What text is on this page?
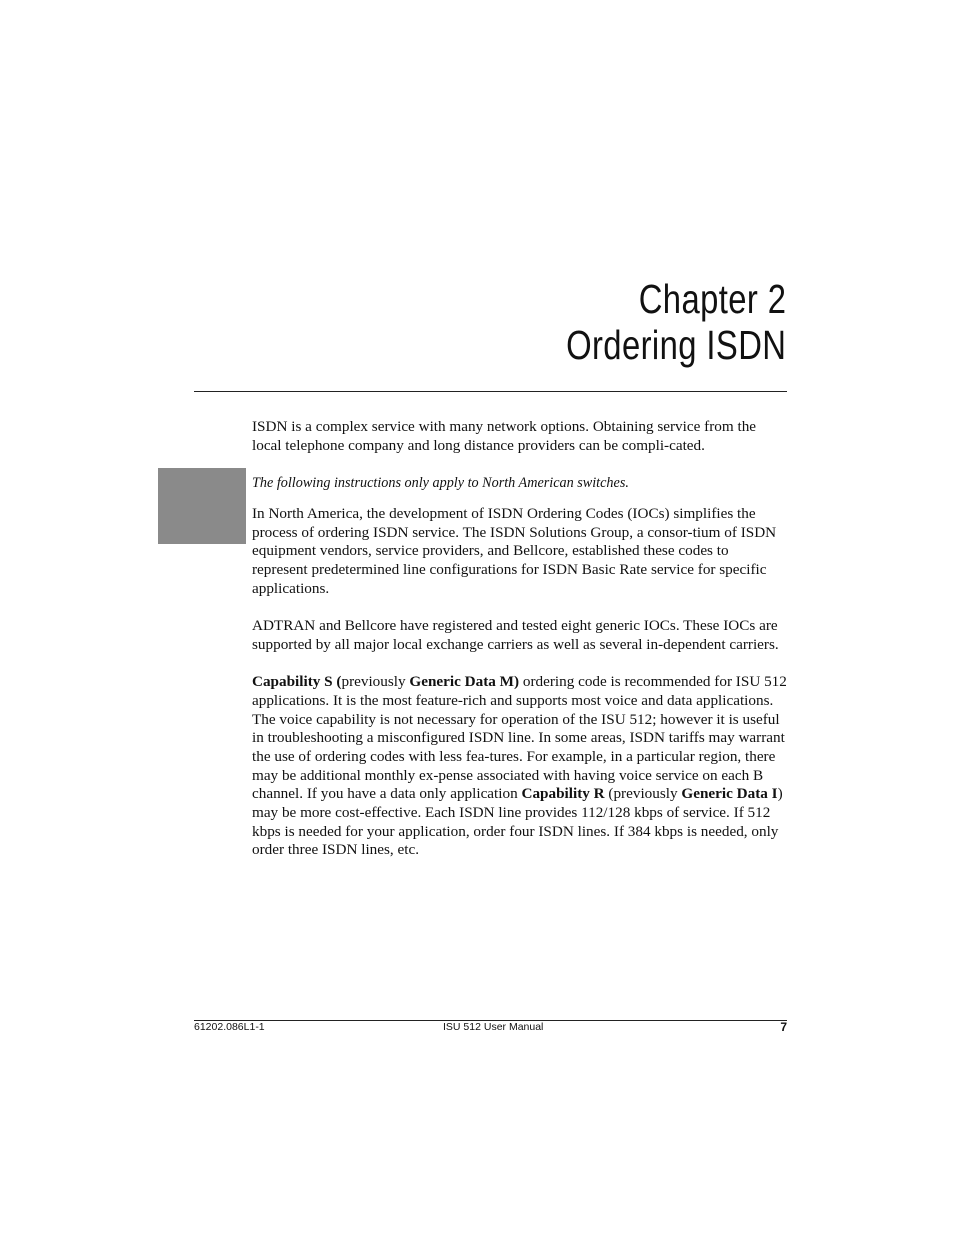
Chapter 2
Ordering ISDN

ISDN is a complex service with many network options. Obtaining service from the local telephone company and long distance providers can be compli-cated.

The following instructions only apply to North American switches.

In North America, the development of ISDN Ordering Codes (IOCs) simplifies the process of ordering ISDN service. The ISDN Solutions Group, a consor-tium of ISDN equipment vendors, service providers, and Bellcore, established these codes to represent predetermined line configurations for ISDN Basic Rate service for specific applications.

ADTRAN and Bellcore have registered and tested eight generic IOCs. These IOCs are supported by all major local exchange carriers as well as several in-dependent carriers.

Capability S (previously Generic Data M) ordering code is recommended for ISU 512 applications. It is the most feature-rich and supports most voice and data applications. The voice capability is not necessary for operation of the ISU 512; however it is useful in troubleshooting a misconfigured ISDN line. In some areas, ISDN tariffs may warrant the use of ordering codes with less fea-tures. For example, in a particular region, there may be additional monthly ex-pense associated with having voice service on each B channel. If you have a data only application Capability R (previously Generic Data I) may be more cost-effective. Each ISDN line provides 112/128 kbps of service. If 512 kbps is needed for your application, order four ISDN lines. If 384 kbps is needed, only order three ISDN lines, etc.

61202.086L1-1	ISU 512 User Manual	7
